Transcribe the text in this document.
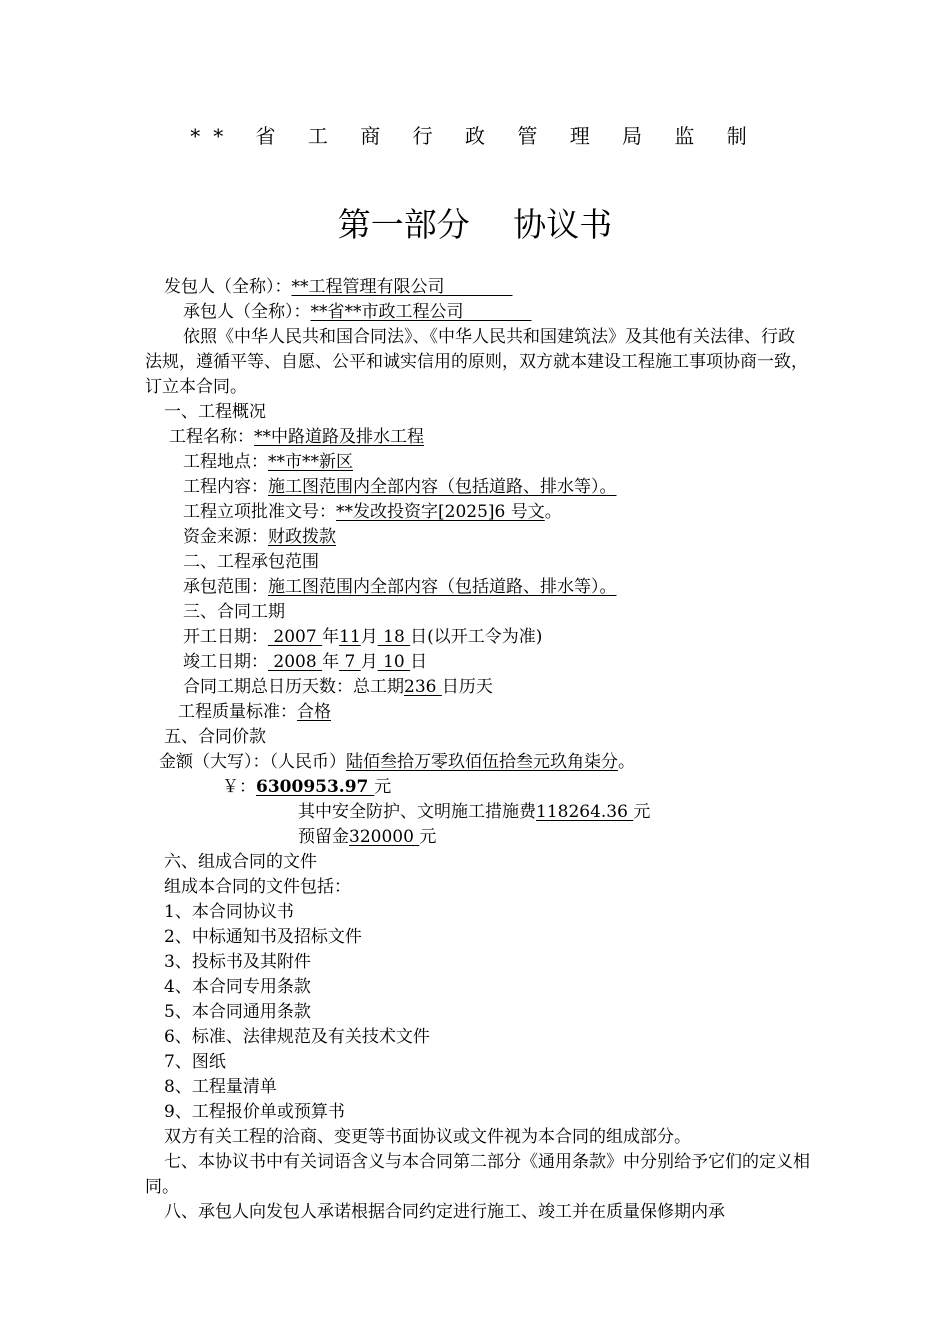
** 省 工 商 行 政 管 理 局 监 制
第一部分　 协议书
发包人（全称）：**工程管理有限公司　　　　
承包人（全称）：**省**市政工程公司　　　　
依照《中华人民共和国合同法》、《中华人民共和国建筑法》及其他有关法律、行政法规，遵循平等、自愿、公平和诚实信用的原则，双方就本建设工程施工事项协商一致，订立本合同。
一、工程概况
工程名称：**中路道路及排水工程
工程地点：**市**新区
工程内容：施工图范围内全部内容（包括道路、排水等）。
工程立项批准文号：**发改投资字[2025]6 号文。
资金来源：财政拨款
二、工程承包范围
承包范围：施工图范围内全部内容（包括道路、排水等）。
三、合同工期
开工日期： 2007 年11月 18 日(以开工令为准)
竣工日期： 2008 年 7 月 10 日
合同工期总日历天数：总工期236 日历天
工程质量标准：合格
五、合同价款
金额（大写）：（人民币）陆佰叁拾万零玖佰伍拾叁元玖角柒分。
￥：6300953.97 元
其中安全防护、文明施工措施费118264.36 元
预留金320000 元
六、组成合同的文件
组成本合同的文件包括：
1、本合同协议书
2、中标通知书及招标文件
3、投标书及其附件
4、本合同专用条款
5、本合同通用条款
6、标准、法律规范及有关技术文件
7、图纸
8、工程量清单
9、工程报价单或预算书
双方有关工程的洽商、变更等书面协议或文件视为本合同的组成部分。
七、本协议书中有关词语含义与本合同第二部分《通用条款》中分别给予它们的定义相同。
八、承包人向发包人承诺根据合同约定进行施工、竣工并在质量保修期内承
